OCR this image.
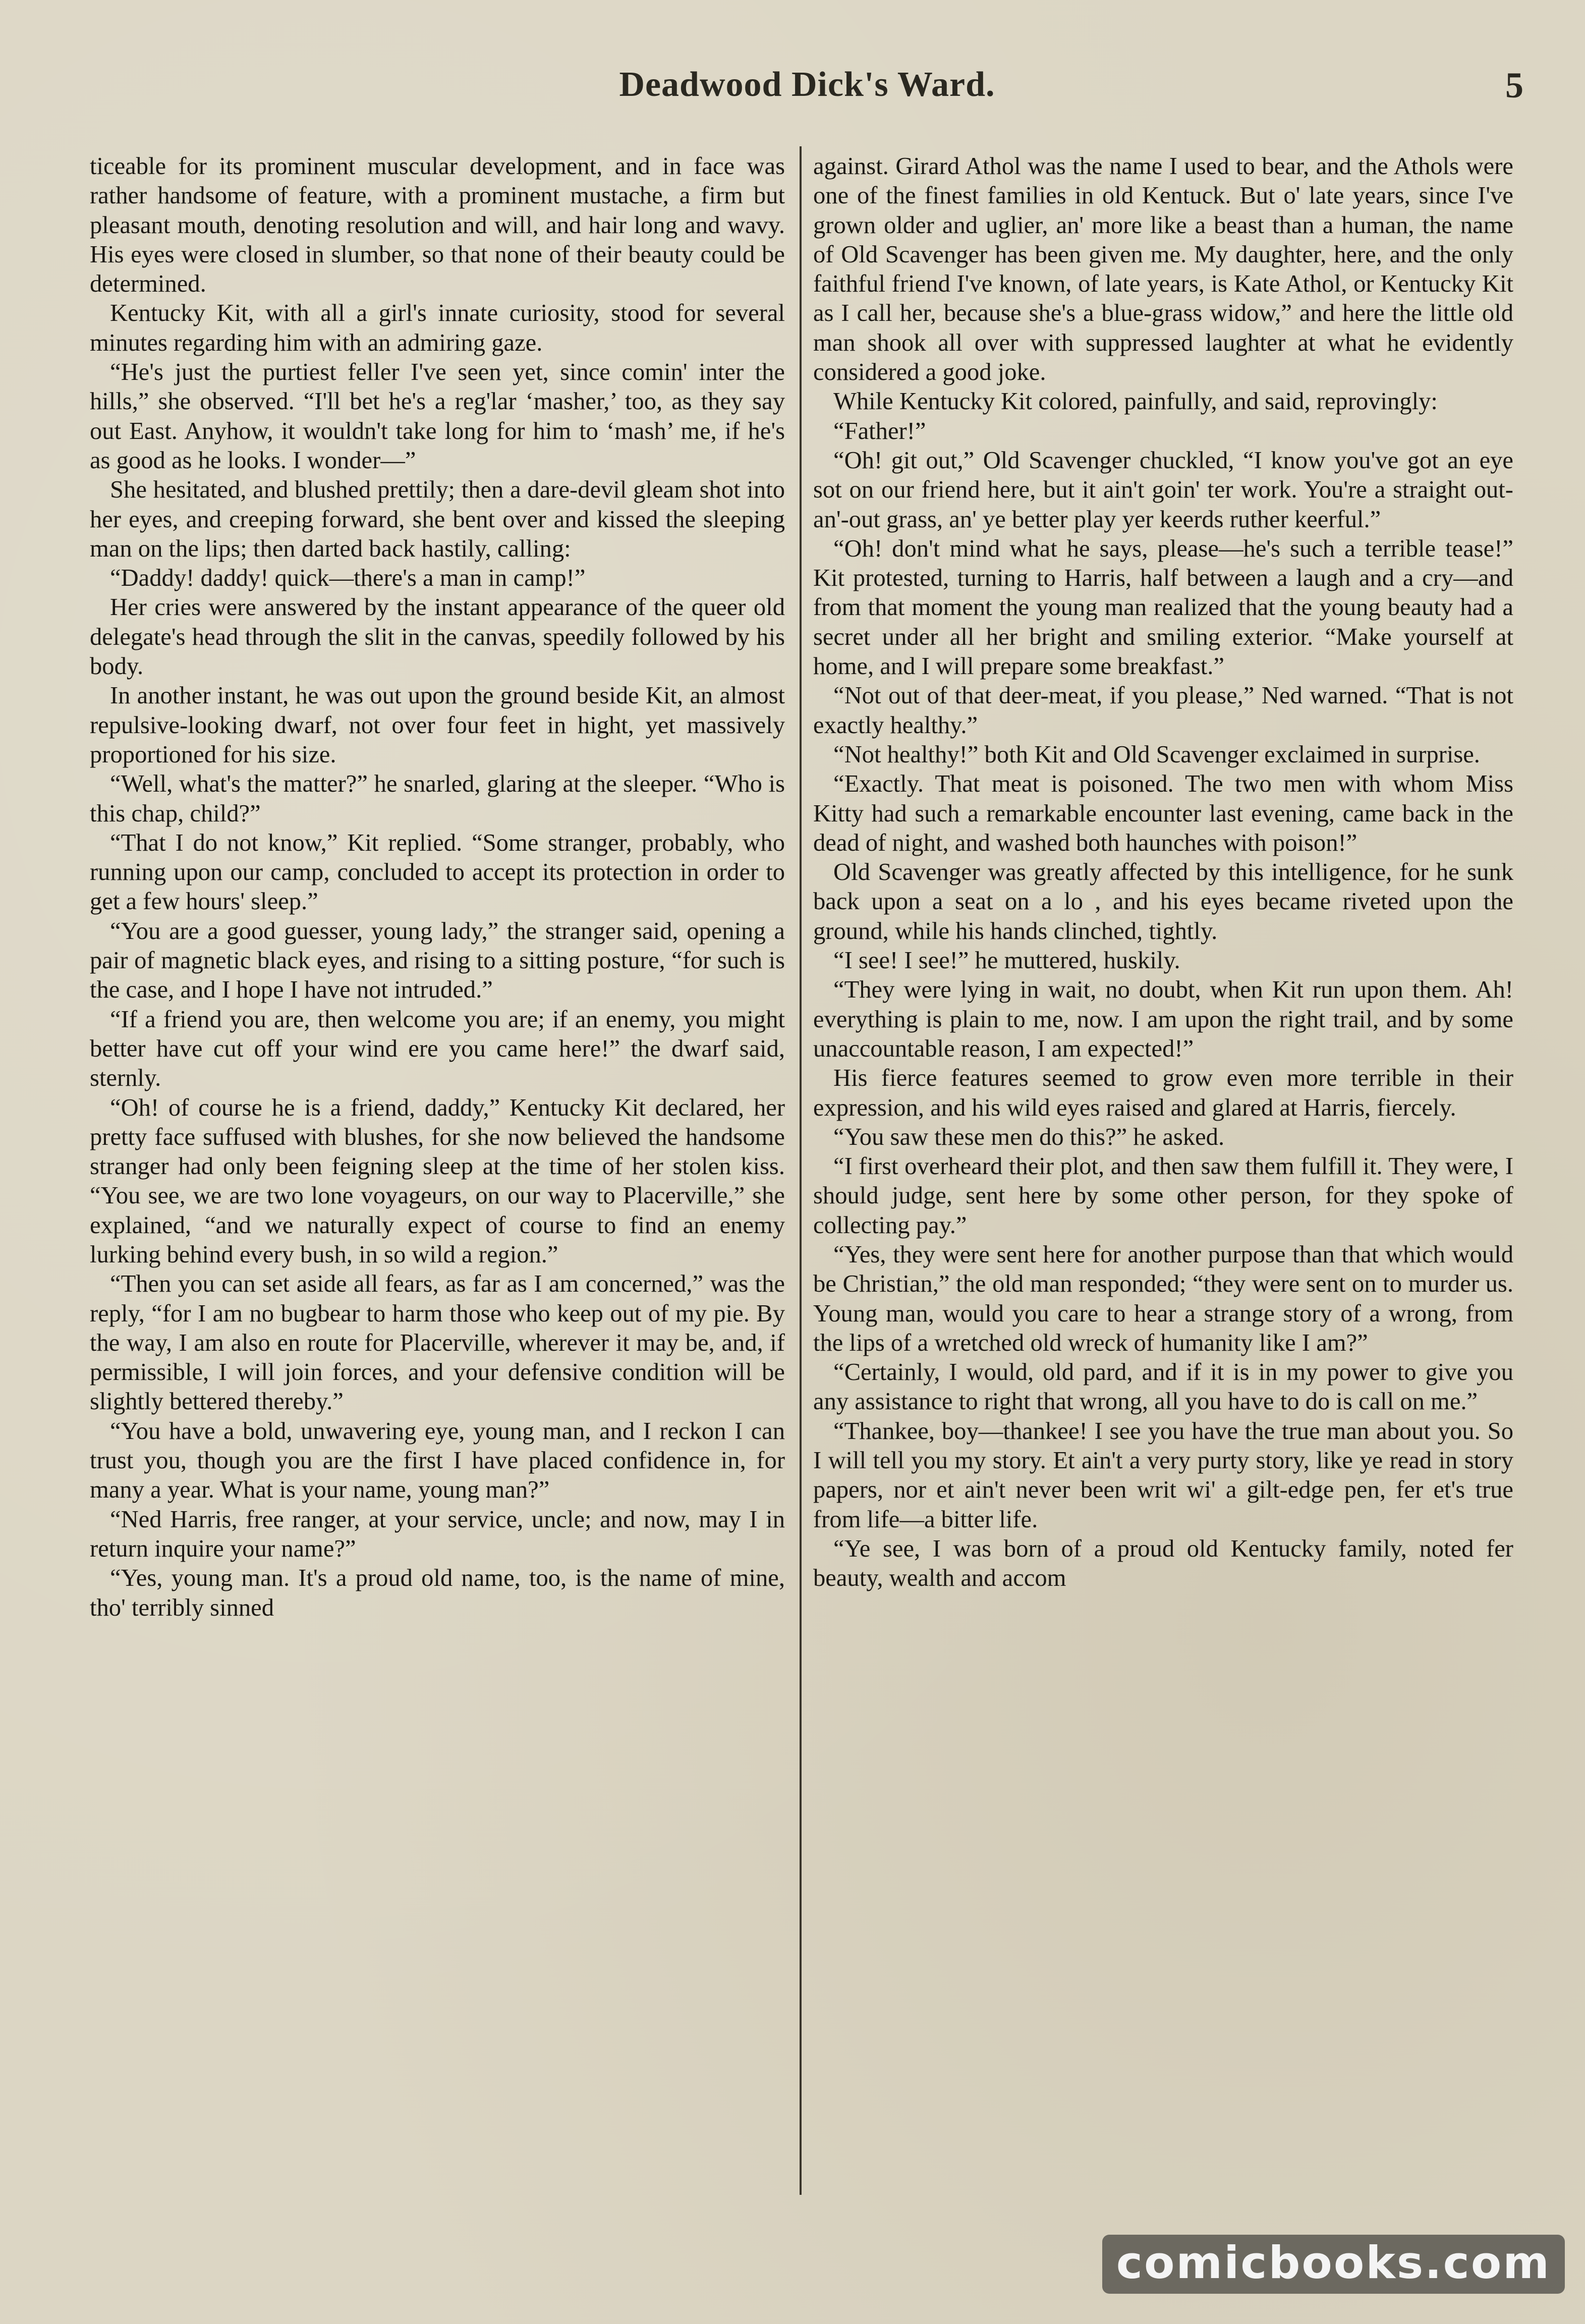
Deadwood Dick's Ward.	5

ticeable for its prominent muscular development, and in face was rather handsome of feature, with a prominent mustache, a firm but pleasant mouth, denoting resolution and will, and hair long and wavy. His eyes were closed in slumber, so that none of their beauty could be determined.

Kentucky Kit, with all a girl's innate curiosity, stood for several minutes regarding him with an admiring gaze.

“He's just the purtiest feller I've seen yet, since comin' inter the hills,” she observed. “I'll bet he's a reg'lar ‘masher,’ too, as they say out East. Anyhow, it wouldn't take long for him to ‘mash’ me, if he's as good as he looks. I wonder—”

She hesitated, and blushed prettily; then a dare-devil gleam shot into her eyes, and creeping forward, she bent over and kissed the sleeping man on the lips; then darted back hastily, calling:

“Daddy! daddy! quick—there's a man in camp!”

Her cries were answered by the instant appearance of the queer old delegate's head through the slit in the canvas, speedily followed by his body.

In another instant, he was out upon the ground beside Kit, an almost repulsive-looking dwarf, not over four feet in hight, yet massively proportioned for his size.

“Well, what's the matter?” he snarled, glaring at the sleeper. “Who is this chap, child?”

“That I do not know,” Kit replied. “Some stranger, probably, who running upon our camp, concluded to accept its protection in order to get a few hours' sleep.”

“You are a good guesser, young lady,” the stranger said, opening a pair of magnetic black eyes, and rising to a sitting posture, “for such is the case, and I hope I have not intruded.”

“If a friend you are, then welcome you are; if an enemy, you might better have cut off your wind ere you came here!” the dwarf said, sternly.

“Oh! of course he is a friend, daddy,” Kentucky Kit declared, her pretty face suffused with blushes, for she now believed the handsome stranger had only been feigning sleep at the time of her stolen kiss. “You see, we are two lone voyageurs, on our way to Placerville,” she explained, “and we naturally expect of course to find an enemy lurking behind every bush, in so wild a region.”

“Then you can set aside all fears, as far as I am concerned,” was the reply, “for I am no bugbear to harm those who keep out of my pie. By the way, I am also en route for Placerville, wherever it may be, and, if permissible, I will join forces, and your defensive condition will be slightly bettered thereby.”

“You have a bold, unwavering eye, young man, and I reckon I can trust you, though you are the first I have placed confidence in, for many a year. What is your name, young man?”

“Ned Harris, free ranger, at your service, uncle; and now, may I in return inquire your name?”

“Yes, young man. It's a proud old name, too, is the name of mine, tho' terribly sinned

against. Girard Athol was the name I used to bear, and the Athols were one of the finest families in old Kentuck. But o' late years, since I've grown older and uglier, an' more like a beast than a human, the name of Old Scavenger has been given me. My daughter, here, and the only faithful friend I've known, of late years, is Kate Athol, or Kentucky Kit as I call her, because she's a blue-grass widow,” and here the little old man shook all over with suppressed laughter at what he evidently considered a good joke.

While Kentucky Kit colored, painfully, and said, reprovingly:

“Father!”

“Oh! git out,” Old Scavenger chuckled, “I know you've got an eye sot on our friend here, but it ain't goin' ter work. You're a straight out-an'-out grass, an' ye better play yer keerds ruther keerful.”

“Oh! don't mind what he says, please—he's such a terrible tease!” Kit protested, turning to Harris, half between a laugh and a cry—and from that moment the young man realized that the young beauty had a secret under all her bright and smiling exterior. “Make yourself at home, and I will prepare some breakfast.”

“Not out of that deer-meat, if you please,” Ned warned. “That is not exactly healthy.”

“Not healthy!” both Kit and Old Scavenger exclaimed in surprise.

“Exactly. That meat is poisoned. The two men with whom Miss Kitty had such a remarkable encounter last evening, came back in the dead of night, and washed both haunches with poison!”

Old Scavenger was greatly affected by this intelligence, for he sunk back upon a seat on a lo , and his eyes became riveted upon the ground, while his hands clinched, tightly.

“I see! I see!” he muttered, huskily.

“They were lying in wait, no doubt, when Kit run upon them. Ah! everything is plain to me, now. I am upon the right trail, and by some unaccountable reason, I am expected!”

His fierce features seemed to grow even more terrible in their expression, and his wild eyes raised and glared at Harris, fiercely.

“You saw these men do this?” he asked.

“I first overheard their plot, and then saw them fulfill it. They were, I should judge, sent here by some other person, for they spoke of collecting pay.”

“Yes, they were sent here for another purpose than that which would be Christian,” the old man responded; “they were sent on to murder us. Young man, would you care to hear a strange story of a wrong, from the lips of a wretched old wreck of humanity like I am?”

“Certainly, I would, old pard, and if it is in my power to give you any assistance to right that wrong, all you have to do is call on me.”

“Thankee, boy—thankee! I see you have the true man about you. So I will tell you my story. Et ain't a very purty story, like ye read in story papers, nor et ain't never been writ wi' a gilt-edge pen, fer et's true from life—a bitter life.

“Ye see, I was born of a proud old Kentucky family, noted fer beauty, wealth and accom

comicbooks.com
